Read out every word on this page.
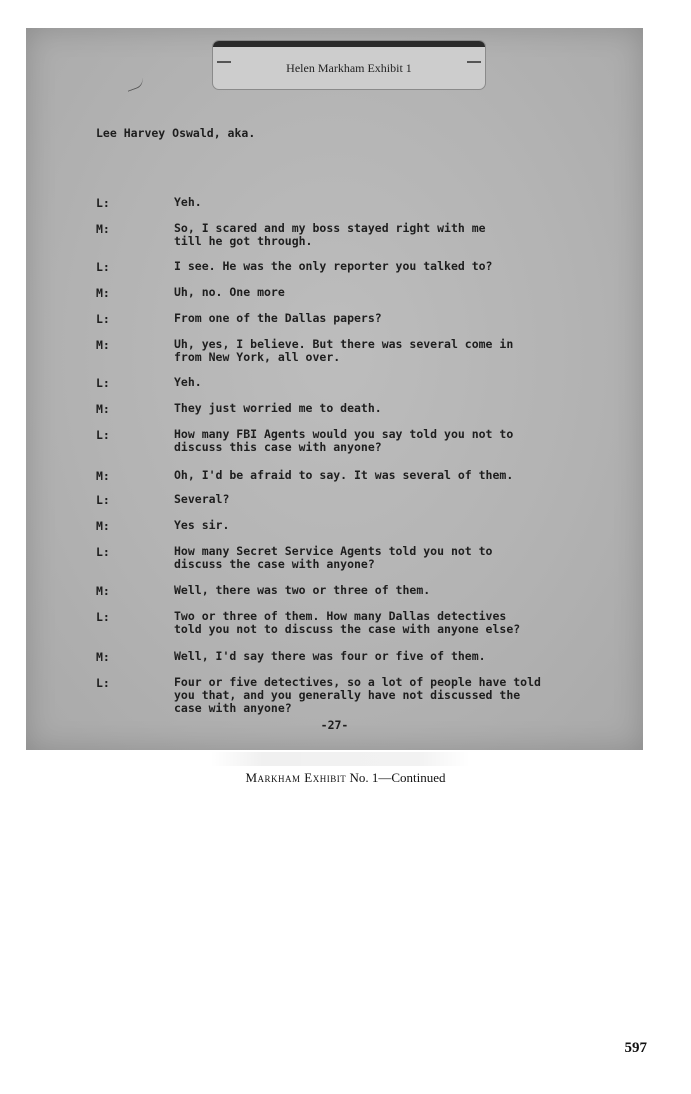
Helen Markham Exhibit 1
Lee Harvey Oswald, aka.
L:	Yeh.
M:	So, I scared and my boss stayed right with me
till he got through.
L:	I see. He was the only reporter you talked to?
M:	Uh, no. One more
L:	From one of the Dallas papers?
M:	Uh, yes, I believe. But there was several come in
from New York, all over.
L:	Yeh.
M:	They just worried me to death.
L:	How many FBI Agents would you say told you not to
discuss this case with anyone?
M:	Oh, I'd be afraid to say. It was several of them.
L:	Several?
M:	Yes sir.
L:	How many Secret Service Agents told you not to
discuss the case with anyone?
M:	Well, there was two or three of them.
L:	Two or three of them. How many Dallas detectives
told you not to discuss the case with anyone else?
M:	Well, I'd say there was four or five of them.
L:	Four or five detectives, so a lot of people have told
you that, and you generally have not discussed the
case with anyone?
-27-
Markham Exhibit No. 1—Continued
597
